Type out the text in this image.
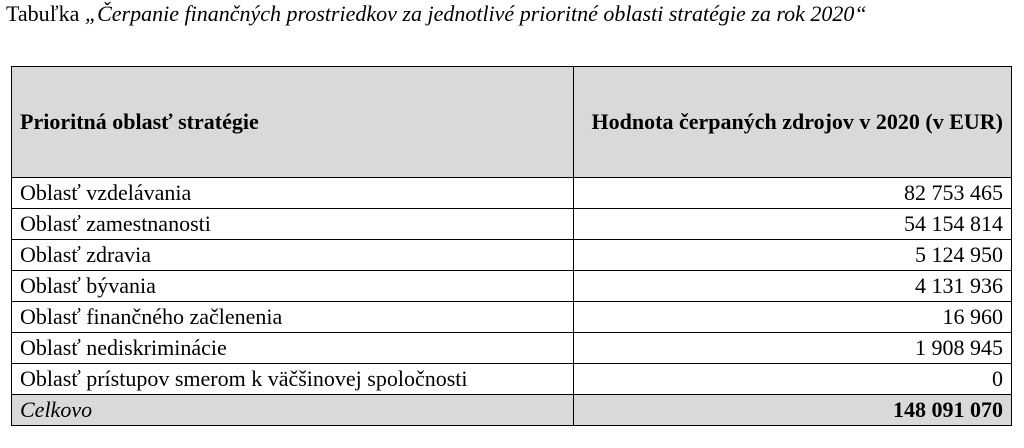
Tabuľka „Čerpanie finančných prostriedkov za jednotlivé prioritné oblasti stratégie za rok 2020“
Prioritná oblasť stratégie	Hodnota čerpaných zdrojov v 2020 (v EUR)
Oblasť vzdelávania	82 753 465
Oblasť zamestnanosti	54 154 814
Oblasť zdravia	5 124 950
Oblasť bývania	4 131 936
Oblasť finančného začlenenia	16 960
Oblasť nediskriminácie	1 908 945
Oblasť prístupov smerom k väčšinovej spoločnosti	0
Celkovo	148 091 070
